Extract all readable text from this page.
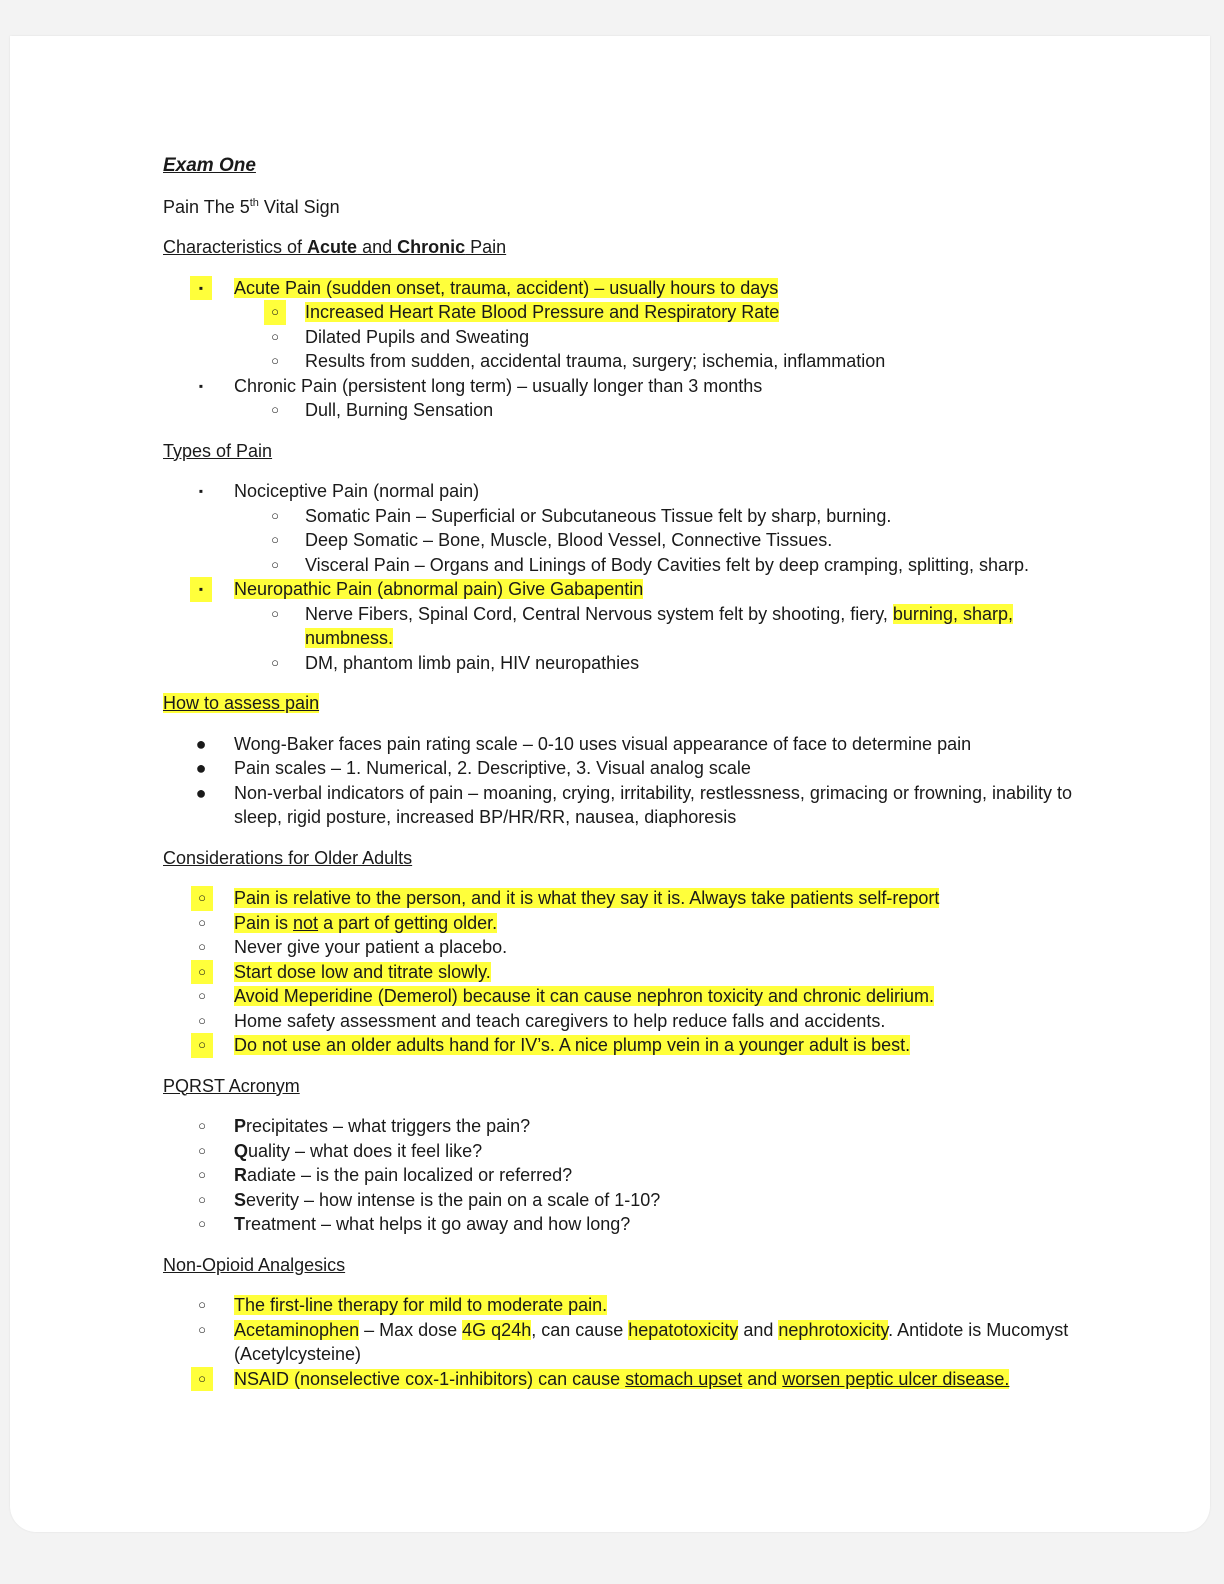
Exam One

Pain The 5th Vital Sign

Characteristics of Acute and Chronic Pain

▪	Acute Pain (sudden onset, trauma, accident) – usually hours to days
○	Increased Heart Rate Blood Pressure and Respiratory Rate
○	Dilated Pupils and Sweating
○	Results from sudden, accidental trauma, surgery; ischemia, inflammation
▪	Chronic Pain (persistent long term) – usually longer than 3 months
○	Dull, Burning Sensation

Types of Pain

▪	Nociceptive Pain (normal pain)
○	Somatic Pain – Superficial or Subcutaneous Tissue felt by sharp, burning.
○	Deep Somatic – Bone, Muscle, Blood Vessel, Connective Tissues.
○	Visceral Pain – Organs and Linings of Body Cavities felt by deep cramping, splitting, sharp.
▪	Neuropathic Pain (abnormal pain) Give Gabapentin
○	Nerve Fibers, Spinal Cord, Central Nervous system felt by shooting, fiery, burning, sharp, numbness.
○	DM, phantom limb pain, HIV neuropathies

How to assess pain

●	Wong-Baker faces pain rating scale – 0-10 uses visual appearance of face to determine pain
●	Pain scales – 1. Numerical, 2. Descriptive, 3. Visual analog scale
●	Non-verbal indicators of pain – moaning, crying, irritability, restlessness, grimacing or frowning, inability to sleep, rigid posture, increased BP/HR/RR, nausea, diaphoresis

Considerations for Older Adults

○	Pain is relative to the person, and it is what they say it is. Always take patients self-report
○	Pain is not a part of getting older.
○	Never give your patient a placebo.
○	Start dose low and titrate slowly.
○	Avoid Meperidine (Demerol) because it can cause nephron toxicity and chronic delirium.
○	Home safety assessment and teach caregivers to help reduce falls and accidents.
○	Do not use an older adults hand for IV’s. A nice plump vein in a younger adult is best.

PQRST Acronym

○	Precipitates – what triggers the pain?
○	Quality – what does it feel like?
○	Radiate – is the pain localized or referred?
○	Severity – how intense is the pain on a scale of 1-10?
○	Treatment – what helps it go away and how long?

Non-Opioid Analgesics

○	The first-line therapy for mild to moderate pain.
○	Acetaminophen – Max dose 4G q24h, can cause hepatotoxicity and nephrotoxicity. Antidote is Mucomyst (Acetylcysteine)
○	NSAID (nonselective cox-1-inhibitors) can cause stomach upset and worsen peptic ulcer disease.
